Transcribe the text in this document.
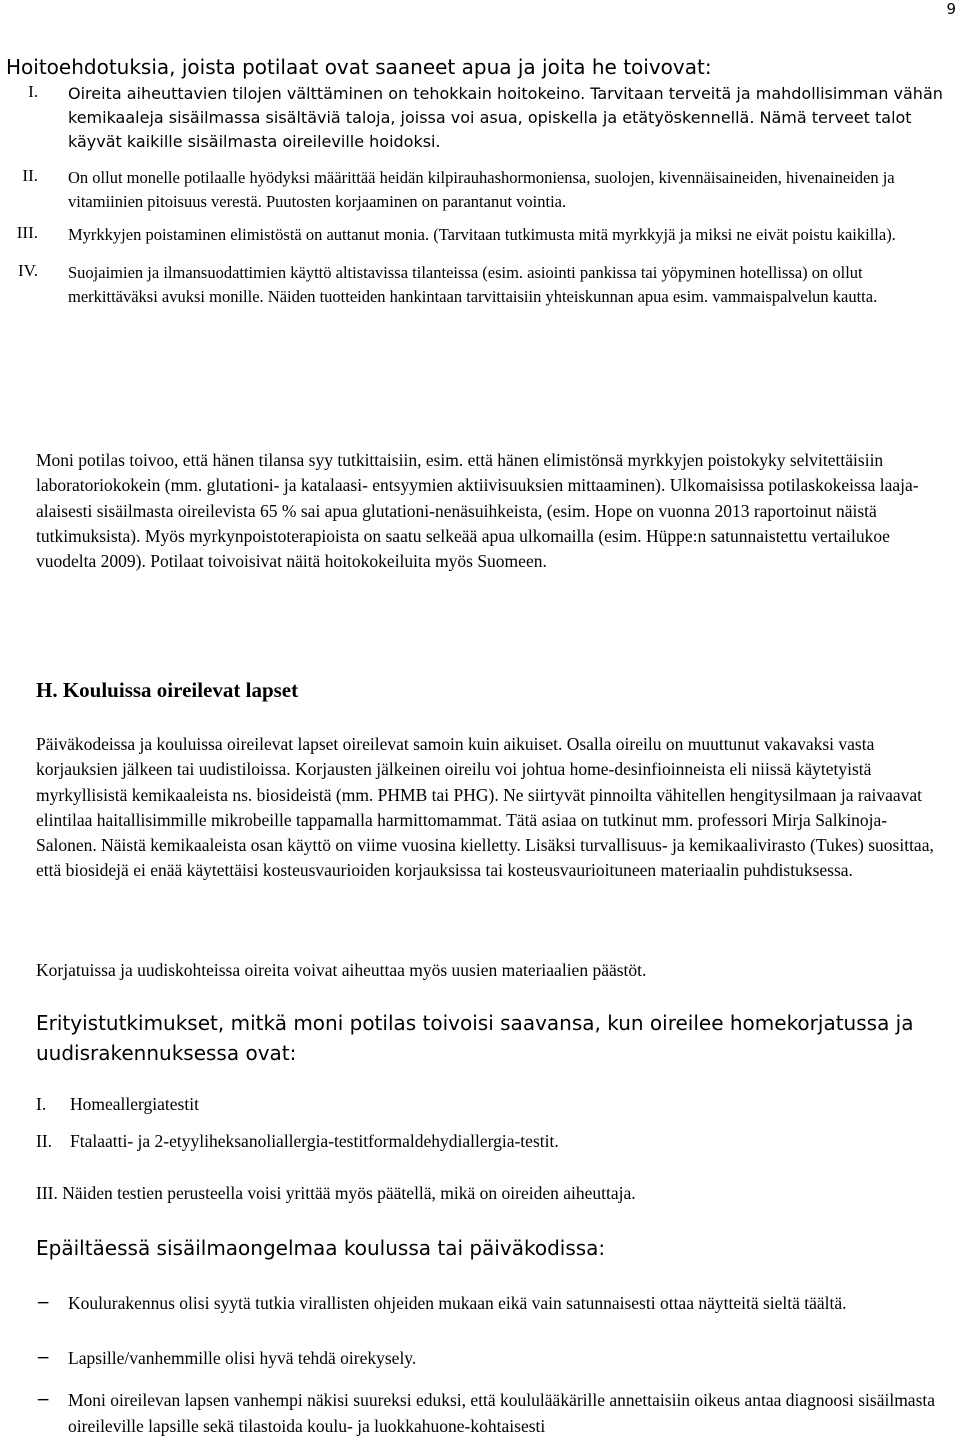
9
Hoitoehdotuksia, joista potilaat ovat saaneet apua ja joita he toivovat:
I. Oireita aiheuttavien tilojen välttäminen on tehokkain hoitokeino. Tarvitaan terveitä ja mahdollisimman vähän kemikaaleja sisäilmassa sisältäviä taloja, joissa voi asua, opiskella ja etätyöskennellä. Nämä terveet talot käyvät kaikille sisäilmasta oireileville hoidoksi.
II. On ollut monelle potilaalle hyödyksi määrittää heidän kilpirauhashormoniensa, suolojen, kivennäisaineiden, hivenaineiden ja vitamiinien pitoisuus verestä. Puutosten korjaaminen on parantanut vointia.
III. Myrkkyjen poistaminen elimistöstä on auttanut monia. (Tarvitaan tutkimusta mitä myrkkyjä ja miksi ne eivät poistu kaikilla).
IV. Suojaimien ja ilmansuodattimien käyttö altistavissa tilanteissa (esim. asiointi pankissa tai yöpyminen hotellissa) on ollut merkittäväksi avuksi monille. Näiden tuotteiden hankintaan tarvittaisiin yhteiskunnan apua esim. vammaispalvelun kautta.
Moni potilas toivoo, että hänen tilansa syy tutkittaisiin, esim. että hänen elimistönsä myrkkyjen poistokyky selvitettäisiin laboratoriokokein (mm. glutationi- ja katalaasi- entsyymien aktiivisuuksien mittaaminen). Ulkomaisissa potilaskokeissa laaja-alaisesti sisäilmasta oireilevista 65 % sai apua glutationi-nenäsuihkeista, (esim. Hope on vuonna 2013 raportoinut näistä tutkimuksista). Myös myrkynpoistoterapioista on saatu selkeää apua ulkomailla (esim. Hüppe:n satunnaistettu vertailukoe vuodelta 2009). Potilaat toivoisivat näitä hoitokokeiluita myös Suomeen.
H. Kouluissa oireilevat lapset
Päiväkodeissa ja kouluissa oireilevat lapset oireilevat samoin kuin aikuiset. Osalla oireilu on muuttunut vakavaksi vasta korjauksien jälkeen tai uudistiloissa. Korjausten jälkeinen oireilu voi johtua home-desinfioinneista eli niissä käytetyistä myrkyllisistä kemikaaleista ns. biosideistä (mm. PHMB tai PHG). Ne siirtyvät pinnoilta vähitellen hengitysilmaan ja raivaavat elintilaa haitallisimmille mikrobeille tappamalla harmittomammat. Tätä asiaa on tutkinut mm. professori Mirja Salkinoja-Salonen. Näistä kemikaaleista osan käyttö on viime vuosina kielletty. Lisäksi turvallisuus- ja kemikaalivirasto (Tukes) suosittaa, että biosidejä ei enää käytettäisi kosteusvaurioiden korjauksissa tai kosteusvaurioituneen materiaalin puhdistuksessa.
Korjatuissa ja uudiskohteissa oireita voivat aiheuttaa myös uusien materiaalien päästöt.
Erityistutkimukset, mitkä moni potilas toivoisi saavansa, kun oireilee homekorjatussa ja uudisrakennuksessa ovat:
I. Homeallergiatestit
II. Ftalaatti- ja 2-etyyliheksanoliallergia-testitformaldehydiallergia-testit.
III. Näiden testien perusteella voisi yrittää myös päätellä, mikä on oireiden aiheuttaja.
Epäiltäessä sisäilmaongelmaa koulussa tai päiväkodissa:
− Koulurakennus olisi syytä tutkia virallisten ohjeiden mukaan eikä vain satunnaisesti ottaa näytteitä sieltä täältä.
− Lapsille/vanhemmille olisi hyvä tehdä oirekysely.
− Moni oireilevan lapsen vanhempi näkisi suureksi eduksi, että koululääkärille annettaisiin oikeus antaa diagnoosi sisäilmasta oireileville lapsille sekä tilastoida koulu- ja luokkahuone-kohtaisesti
